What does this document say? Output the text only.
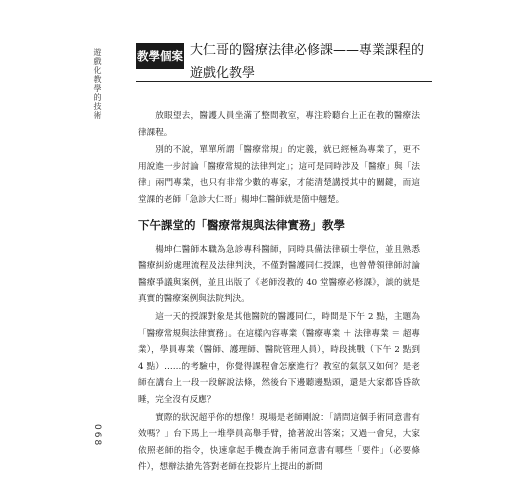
遊戲化教學的技術	教學個案 大仁哥的醫療法律必修課——專業課程的遊戲化教學

放眼望去，醫護人員坐滿了整間教室，專注聆聽台上正在教的醫療法律課程。

別的不說，單單所謂「醫療常規」的定義，就已經極為專業了，更不用說進一步討論「醫療常規的法律判定」；這可是同時涉及「醫療」與「法律」兩門專業，也只有非常少數的專家，才能清楚講授其中的關鍵，而這堂課的老師「急診大仁哥」楊坤仁醫師就是箇中翹楚。

下午課堂的「醫療常規與法律實務」教學

楊坤仁醫師本職為急診專科醫師，同時具備法律碩士學位，並且熟悉醫療糾紛處理流程及法律判決，不僅對醫護同仁授課，也曾帶領律師討論醫療爭議與案例，並且出版了《老師沒教的 40 堂醫療必修課》，談的就是真實的醫療案例與法院判決。

這一天的授課對象是其他醫院的醫護同仁，時間是下午 2 點，主題為「醫療常規與法律實務」。在這樣內容專業（醫療專業 ＋ 法律專業 ＝ 超專業），學員專業（醫師、護理師、醫院管理人員），時段挑戰（下午 2 點到 4 點）……的考驗中，你覺得課程會怎麼進行？教室的氣氛又如何？是老師在講台上一段一段解說法條，然後台下邊聽邊點頭，還是大家都昏昏欲睡，完全沒有反應？

實際的狀況超乎你的想像！現場是老師剛說：「請問這個手術同意書有效嗎？」台下馬上一堆學員高舉手臂，搶著說出答案；又過一會兒，大家依照老師的指令，快速拿起手機查詢手術同意書有哪些「要件」（必要條件），想辦法搶先答對老師在投影片上提出的新問

068
